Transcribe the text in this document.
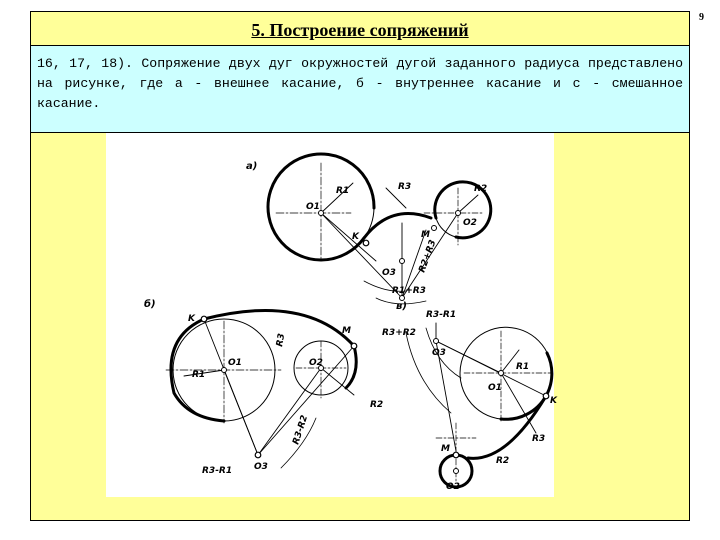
9
5. Построение сопряжений

16, 17, 18). Сопряжение двух дуг окружностей дугой заданного радиуса представлено на рисунке, где а - внешнее касание, б - внутреннее касание и с - смешанное касание.

а)
O1
O2
O3
K	M
R1	R2
R3
R1+R3
R2+R3
б)
K
O1	O2
O3
M
R1
R2
R3
R3-R1
R3-R2
в)
R3-R1
R3+R2
O3
R1
O1
K
R3
M
R2
O2
